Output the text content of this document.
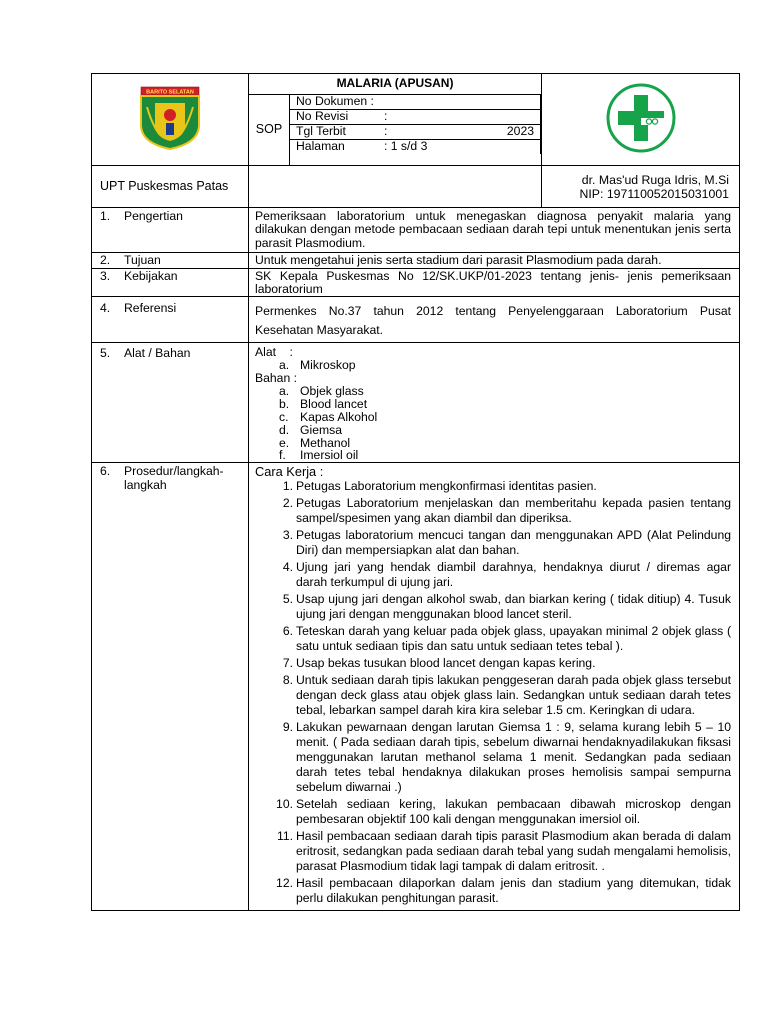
BARITO SELATAN
	MALARIA (APUSAN)	
SOP	
No Dokumen :
No Revisi	:
Tgl Terbit	:	2023

Halaman	: 1 s/d 3

UPT Puskesmas Patas		dr. Mas'ud Ruga Idris, M.Si
NIP: 197110052015031001

1. Pengertian	Pemeriksaan laboratorium untuk menegaskan diagnosa penyakit malaria yang dilakukan dengan metode pembacaan sediaan darah tepi untuk menentukan jenis serta parasit Plasmodium.
2. Tujuan	Untuk mengetahui jenis serta stadium dari parasit Plasmodium pada darah.
3. Kebijakan	SK Kepala Puskesmas No 12/SK.UKP/01-2023 tentang jenis- jenis pemeriksaan laboratorium
4. Referensi	Permenkes No.37 tahun 2012 tentang Penyelenggaraan Laboratorium Pusat Kesehatan Masyarakat.
5. Alat / Bahan	Alat    :
a. Mikroskop
Bahan :
a. Objek glass
b. Blood lancet
c. Kapas Alkohol
d. Giemsa
e. Methanol
f. Imersiol oil

6.	Prosedur/langkah-langkah

Cara Kerja :
1. Petugas Laboratorium mengkonfirmasi identitas pasien.
2. Petugas Laboratorium menjelaskan dan memberitahu kepada pasien tentang sampel/spesimen yang akan diambil dan diperiksa.
3. Petugas laboratorium mencuci tangan dan menggunakan APD (Alat Pelindung Diri) dan mempersiapkan alat dan bahan.
4. Ujung jari yang hendak diambil darahnya, hendaknya diurut / diremas agar darah terkumpul di ujung jari.
5. Usap ujung jari dengan alkohol swab, dan biarkan kering ( tidak ditiup) 4. Tusuk ujung jari dengan menggunakan blood lancet steril.
6. Teteskan darah yang keluar pada objek glass, upayakan minimal 2 objek glass ( satu untuk sediaan tipis dan satu untuk sediaan tetes tebal ).
7. Usap bekas tusukan blood lancet dengan kapas kering.
8. Untuk sediaan darah tipis lakukan penggeseran darah pada objek glass tersebut dengan deck glass atau objek glass lain. Sedangkan untuk sediaan darah tetes tebal, lebarkan sampel darah kira kira selebar 1.5 cm. Keringkan di udara.
9. Lakukan pewarnaan dengan larutan Giemsa 1 : 9, selama kurang lebih 5 – 10 menit. ( Pada sediaan darah tipis, sebelum diwarnai hendaknyadilakukan fiksasi menggunakan larutan methanol selama 1 menit. Sedangkan pada sediaan darah tetes tebal hendaknya dilakukan proses hemolisis sampai sempurna sebelum diwarnai .)
10. Setelah sediaan kering, lakukan pembacaan dibawah microskop dengan pembesaran objektif 100 kali dengan menggunakan imersiol oil.
11. Hasil pembacaan sediaan darah tipis parasit Plasmodium akan berada di dalam eritrosit, sedangkan pada sediaan darah tebal yang sudah mengalami hemolisis, parasat Plasmodium tidak lagi tampak di dalam eritrosit. .
12. Hasil pembacaan dilaporkan dalam jenis dan stadium yang ditemukan, tidak perlu dilakukan penghitungan parasit.
